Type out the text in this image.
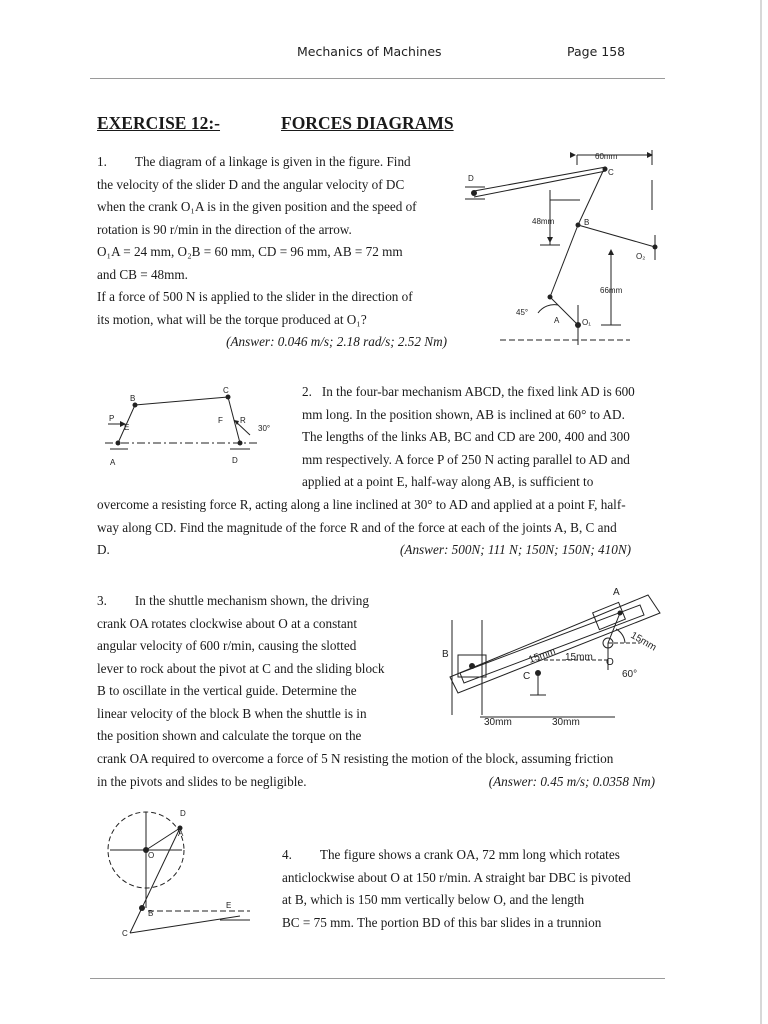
Mechanics of Machines	Page 158
EXERCISE 12:-	FORCES DIAGRAMS

1. The diagram of a linkage is given in the figure. Find

the velocity of the slider D and the angular velocity of DC

when the crank O₁A is in the given position and the speed of

rotation is 90 r/min in the direction of the arrow.

O₁A = 24 mm, O₂B = 60 mm, CD = 96 mm, AB = 72 mm

and CB = 48mm.

If a force of 500 N is applied to the slider in the direction of

its motion, what will be the torque produced at O₁?

(Answer: 0.046 m/s; 2.18 rad/s; 2.52 Nm)

60mm
C
D
B
48mm
O₂
66mm
45°
A	O₁
B
C
P
E
F R
30°
A	D

2. In the four-bar mechanism ABCD, the fixed link AD is 600

mm long. In the position shown, AB is inclined at 60° to AD.

The lengths of the links AB, BC and CD are 200, 400 and 300

mm respectively. A force P of 250 N acting parallel to AD and

applied at a point E, half-way along AB, is sufficient to

overcome a resisting force R, acting along a line inclined at 30° to AD and applied at a point F, half-

way along CD. Find the magnitude of the force R and of the force at each of the joints A, B, C and

D.	(Answer: 500N; 111 N; 150N; 150N; 410N)

3. In the shuttle mechanism shown, the driving

crank OA rotates clockwise about O at a constant

angular velocity of 600 r/min, causing the slotted

lever to rock about the pivot at C and the sliding block

B to oscillate in the vertical guide. Determine the

linear velocity of the block B when the shuttle is in

the position shown and calculate the torque on the

crank OA required to overcome a force of 5 N resisting the motion of the block, assuming friction

in the pivots and slides to be negligible.	(Answer: 0.45 m/s; 0.0358 Nm)

A
B
C
O
15mm 15mm
15mm
60°
30mm	30mm
D
A
O
B
E
C

4. The figure shows a crank OA, 72 mm long which rotates

anticlockwise about O at 150 r/min. A straight bar DBC is pivoted

at B, which is 150 mm vertically below O, and the length

BC = 75 mm. The portion BD of this bar slides in a trunnion
